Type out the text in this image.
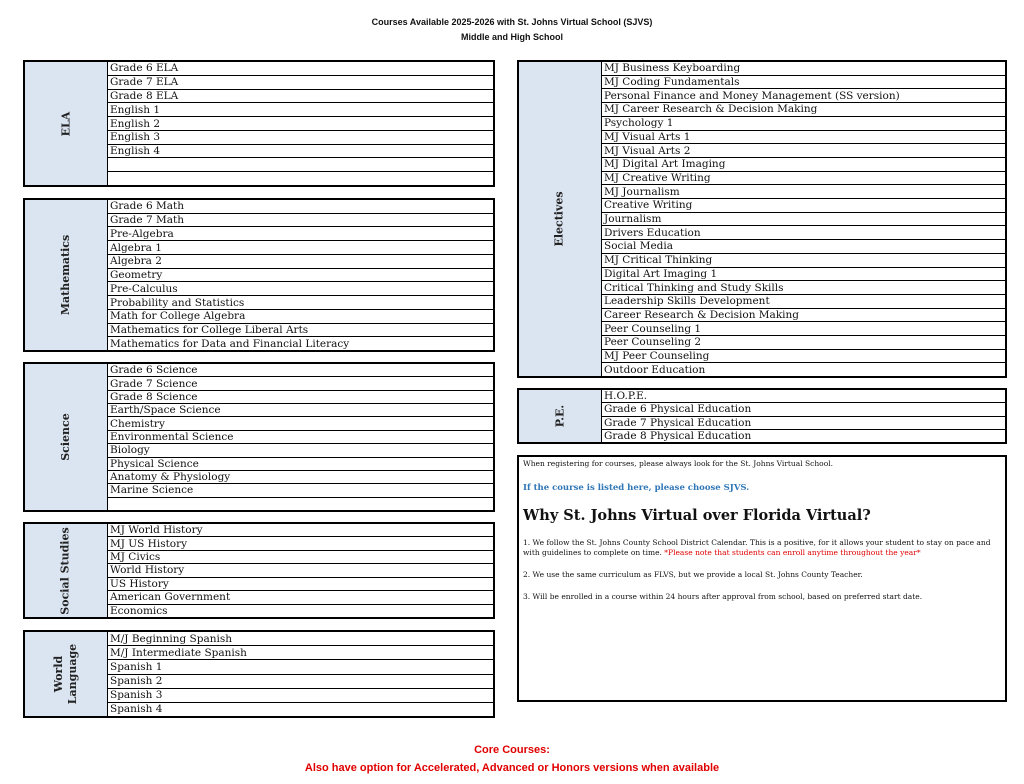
Courses Available 2025-2026 with St. Johns Virtual School (SJVS)
Middle and High School
ELA
Grade 6 ELA
Grade 7 ELA
Grade 8 ELA
English 1
English 2
English 3
English 4
Mathematics
Grade 6 Math
Grade 7 Math
Pre-Algebra
Algebra 1
Algebra 2
Geometry
Pre-Calculus
Probability and Statistics
Math for College Algebra
Mathematics for College Liberal Arts
Mathematics for Data and Financial Literacy
Science
Grade 6 Science
Grade 7 Science
Grade 8 Science
Earth/Space Science
Chemistry
Environmental Science
Biology
Physical Science
Anatomy & Physiology
Marine Science
Social Studies	MJ World History
MJ US History
MJ Civics
World History
US History
American Government
Economics
World Language
M/J Beginning Spanish
M/J Intermediate Spanish
Spanish 1
Spanish 2
Spanish 3
Spanish 4
Electives
MJ Business Keyboarding
MJ Coding Fundamentals
Personal Finance and Money Management (SS version)
MJ Career Research & Decision Making
Psychology 1
MJ Visual Arts 1
MJ Visual Arts 2
MJ Digital Art Imaging
MJ Creative Writing
MJ Journalism
Creative Writing
Journalism
Drivers Education
Social Media
MJ Critical Thinking
Digital Art Imaging 1
Critical Thinking and Study Skills
Leadership Skills Development
Career Research & Decision Making
Peer Counseling 1
Peer Counseling 2
MJ Peer Counseling
Outdoor Education
P.E.
H.O.P.E.
Grade 6 Physical Education
Grade 7 Physical Education
Grade 8 Physical Education

When registering for courses, please always look for the St. Johns Virtual School.

If the course is listed here, please choose SJVS.

Why St. Johns Virtual over Florida Virtual?

1. We follow the St. Johns County School District Calendar. This is a positive, for it allows your student to stay on pace and with guidelines to complete on time. *Please note that students can enroll anytime throughout the year*

2. We use the same curriculum as FLVS, but we provide a local St. Johns County Teacher.

3. Will be enrolled in a course within 24 hours after approval from school, based on preferred start date.

Core Courses:
Also have option for Accelerated, Advanced or Honors versions when available
